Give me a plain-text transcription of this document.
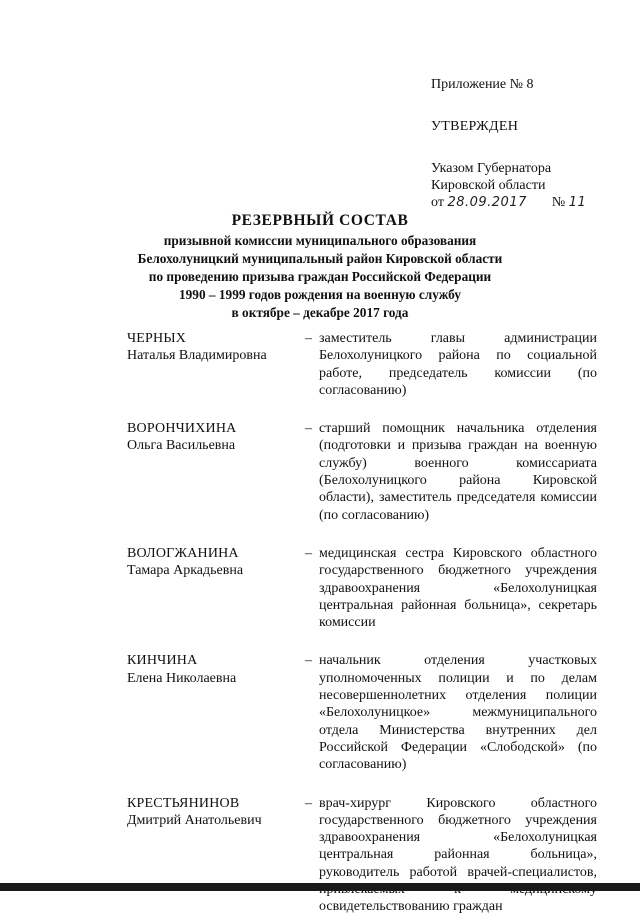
Приложение № 8
УТВЕРЖДЕН
Указом Губернатора
Кировской области
от 28.09.2017 № 11
РЕЗЕРВНЫЙ СОСТАВ
призывной комиссии муниципального образования
Белохолуницкий муниципальный район Кировской области
по проведению призыва граждан Российской Федерации
1990 – 1999 годов рождения на военную службу
в октябре – декабре 2017 года
ЧЕРНЫХ
Наталья Владимировна
– заместитель главы администрации Белохолуницкого района по социальной работе, председатель комиссии (по согласованию)
ВОРОНЧИХИНА
Ольга Васильевна
– старший помощник начальника отделения (подготовки и призыва граждан на военную службу) военного комиссариата (Белохолуницкого района Кировской области), заместитель председателя комиссии (по согласованию)
ВОЛОГЖАНИНА
Тамара Аркадьевна
– медицинская сестра Кировского областного государственного бюджетного учреждения здравоохранения «Белохолуницкая центральная районная больница», секретарь комиссии
КИНЧИНА
Елена Николаевна
– начальник отделения участковых уполномоченных полиции и по делам несовершеннолетних отделения полиции «Белохолуницкое» межмуниципального отдела Министерства внутренних дел Российской Федерации «Слободской» (по согласованию)
КРЕСТЬЯНИНОВ
Дмитрий Анатольевич
– врач-хирург Кировского областного государственного бюджетного учреждения здравоохранения «Белохолуницкая центральная районная больница», руководитель работой врачей-специалистов, освидетельствованию граждан
